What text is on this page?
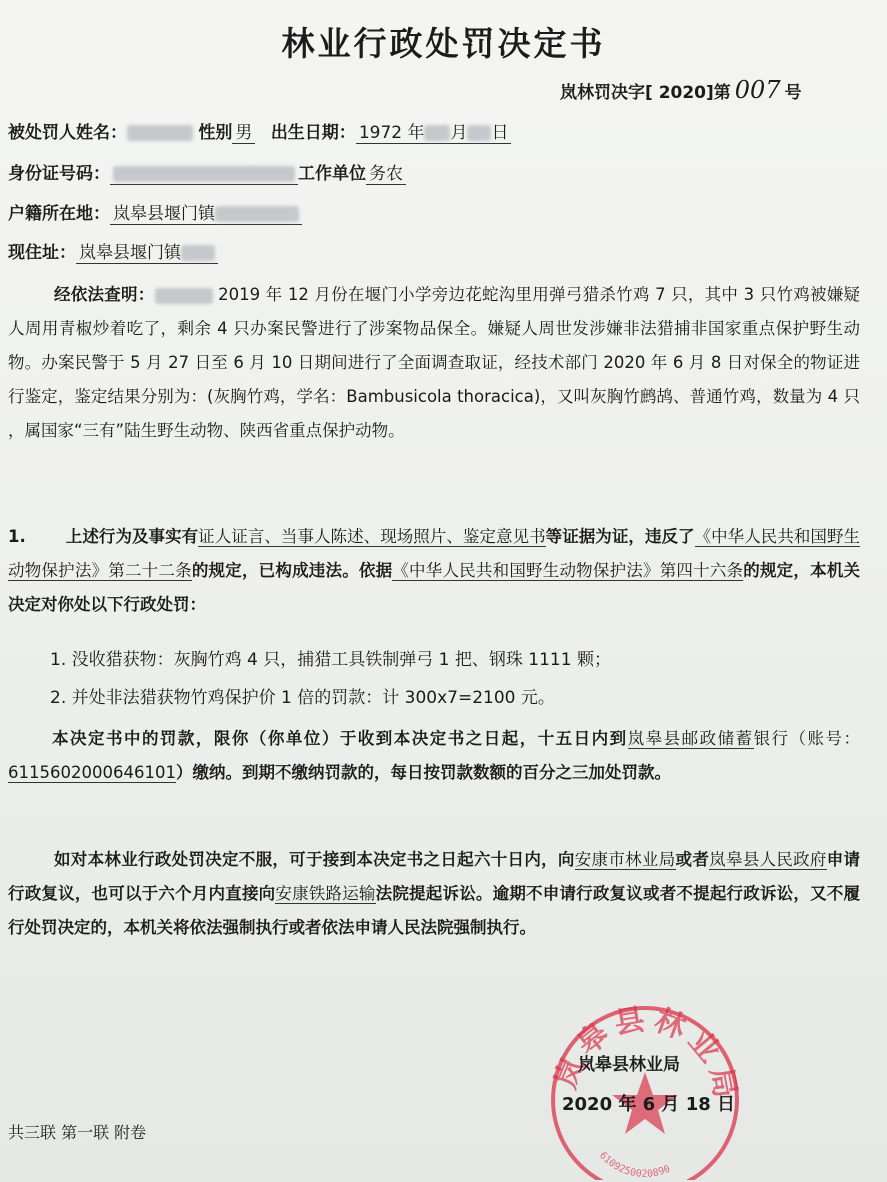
林业行政处罚决定书
岚林罚决字[ 2020]第 007 号
被处罚人姓名：	性别 男 出生日期： 1972 年 月 日
身份证号码：	工作单位 务农
户籍所在地： 岚皋县堰门镇
现住址： 岚皋县堰门镇
经依法查明：	2019 年 12 月份在堰门小学旁边花蛇沟里用弹弓猎杀竹鸡 7 只，其中 3 只竹鸡被嫌疑人周用青椒炒着吃了，剩余 4 只办案民警进行了涉案物品保全。嫌疑人周世发涉嫌非法猎捕非国家重点保护野生动物。办案民警于 5 月 27 日至 6 月 10 日期间进行了全面调查取证，经技术部门 2020 年 6 月 8 日对保全的物证进行鉴定，鉴定结果分别为：(灰胸竹鸡，学名：Bambusicola thoracica)，又叫灰胸竹鹧鸪、普通竹鸡，数量为 4 只 ，属国家“三有”陆生野生动物、陕西省重点保护动物。
1. 上述行为及事实有证人证言、当事人陈述、现场照片、鉴定意见书等证据为证，违反了《中华人民共和国野生动物保护法》第二十二条的规定，已构成违法。依据《中华人民共和国野生动物保护法》第四十六条的规定，本机关决定对你处以下行政处罚：
1. 没收猎获物：灰胸竹鸡 4 只，捕猎工具铁制弹弓 1 把、钢珠 1111 颗；
2. 并处非法猎获物竹鸡保护价 1 倍的罚款：计 300x7=2100 元。
本决定书中的罚款，限你（你单位）于收到本决定书之日起，十五日内到岚皋县邮政储蓄银行（账号：6115602000646101）缴纳。到期不缴纳罚款的，每日按罚款数额的百分之三加处罚款。
如对本林业行政处罚决定不服，可于接到本决定书之日起六十日内，向安康市林业局或者岚皋县人民政府申请行政复议，也可以于六个月内直接向安康铁路运输法院提起诉讼。逾期不申请行政复议或者不提起行政诉讼，又不履行处罚决定的，本机关将依法强制执行或者依法申请人民法院强制执行。
岚皋县林业局
6109250020890
岚皋县林业局
2020 年 6 月 18 日
共三联 第一联 附卷
